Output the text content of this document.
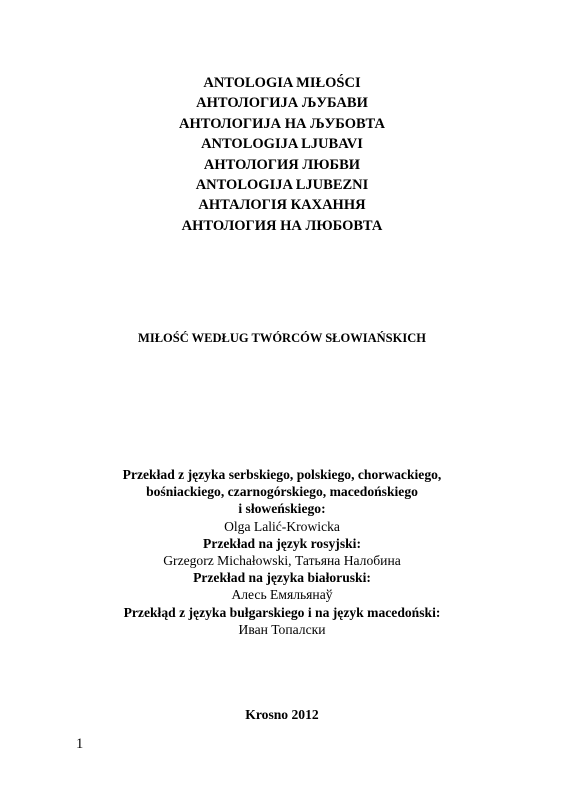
ANTOLOGIA MIŁOŚCI
АНТОЛОГИЈА ЉУБАВИ
АНТОЛОГИЈА НА ЉУБОВТА
ANTOLOGIJA LJUBAVI
АНТОЛОГИЯ ЛЮБВИ
ANTOLOGIJA LJUBEZNI
АНТАЛОГІЯ КАХАННЯ
АНТОЛОГИЯ НА ЛЮБОВТА
MIŁOŚĆ WEDŁUG TWÓRCÓW SŁOWIAŃSKICH
Przekład z języka serbskiego, polskiego, chorwackiego,
bośniackiego, czarnogórskiego, macedońskiego
i słoweńskiego:
Olga Lalić-Krowicka
Przekład na język rosyjski:
Grzegorz Michałowski, Татьяна Налобина
Przekład na języka białoruski:
Алесь Емяльянаў
Przekłąd z języka bułgarskiego i na język macedoński:
Иван Топалски
Krosno 2012
1
